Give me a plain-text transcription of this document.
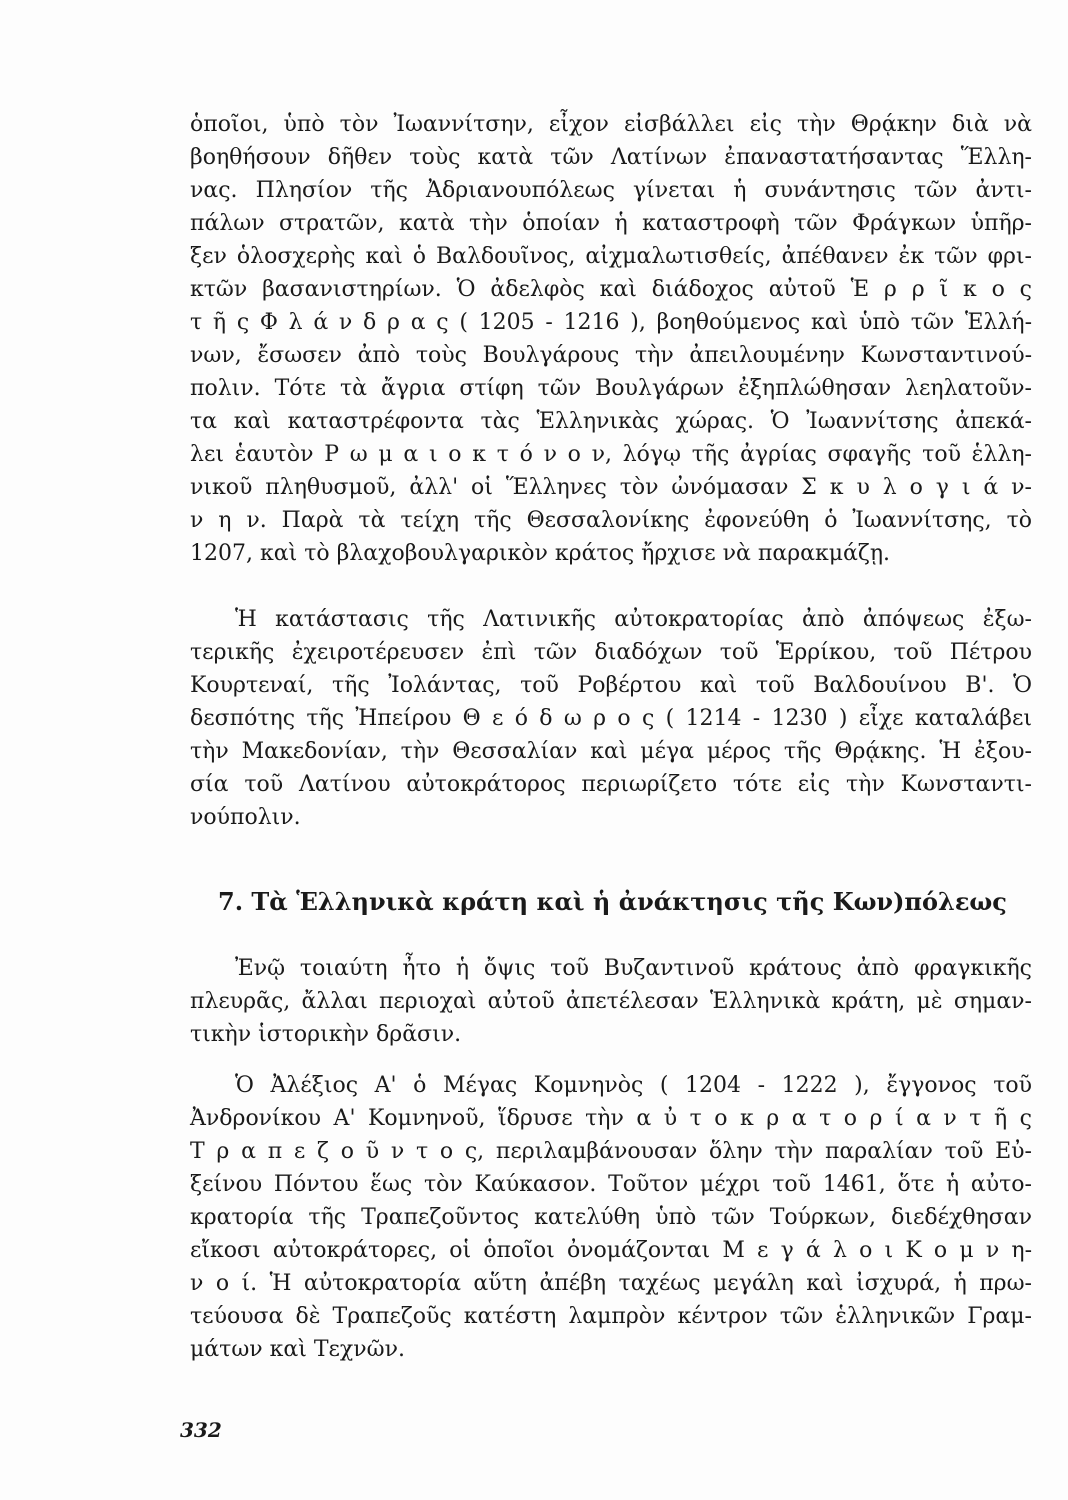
ὁποῖοι, ὑπὸ τὸν Ἰωαννίτσην, εἶχον εἰσβάλλει εἰς τὴν Θρᾴκην διὰ νὰ
βοηθήσουν δῆθεν τοὺς κατὰ τῶν Λατίνων ἐπαναστατήσαντας Ἕλλη-
νας. Πλησίον τῆς Ἀδριανουπόλεως γίνεται ἡ συνάντησις τῶν ἀντι-
πάλων στρατῶν, κατὰ τὴν ὁποίαν ἡ καταστροφὴ τῶν Φράγκων ὑπῆρ-
ξεν ὁλοσχερὴς καὶ ὁ Βαλδουῖνος, αἰχμαλωτισθείς, ἀπέθανεν ἐκ τῶν φρι-
κτῶν βασανιστηρίων. Ὁ ἀδελφὸς καὶ διάδοχος αὐτοῦ Ἑ ρ ρ ῖ κ ο ς
τ ῆ ς Φ λ ά ν δ ρ α ς ( 1205 - 1216 ), βοηθούμενος καὶ ὑπὸ τῶν Ἑλλή-
νων, ἔσωσεν ἀπὸ τοὺς Βουλγάρους τὴν ἀπειλουμένην Κωνσταντινού-
πολιν. Τότε τὰ ἄγρια στίφη τῶν Βουλγάρων ἐξηπλώθησαν λεηλατοῦν-
τα καὶ καταστρέφοντα τὰς Ἑλληνικὰς χώρας. Ὁ Ἰωαννίτσης ἀπεκά-
λει ἑαυτὸν Ρ ω μ α ι ο κ τ ό ν ο ν, λόγῳ τῆς ἀγρίας σφαγῆς τοῦ ἑλλη-
νικοῦ πληθυσμοῦ, ἀλλ' οἱ Ἕλληνες τὸν ὠνόμασαν Σ κ υ λ ο γ ι ά ν-
ν η ν. Παρὰ τὰ τείχη τῆς Θεσσαλονίκης ἐφονεύθη ὁ Ἰωαννίτσης, τὸ
1207, καὶ τὸ βλαχοβουλγαρικὸν κράτος ἤρχισε νὰ παρακμάζῃ.
Ἡ κατάστασις τῆς Λατινικῆς αὐτοκρατορίας ἀπὸ ἀπόψεως ἐξω-
τερικῆς ἐχειροτέρευσεν ἐπὶ τῶν διαδόχων τοῦ Ἑρρίκου, τοῦ Πέτρου
Κουρτεναί, τῆς Ἰολάντας, τοῦ Ροβέρτου καὶ τοῦ Βαλδουίνου Β'. Ὁ
δεσπότης τῆς Ἠπείρου Θ ε ό δ ω ρ ο ς ( 1214 - 1230 ) εἶχε καταλάβει
τὴν Μακεδονίαν, τὴν Θεσσαλίαν καὶ μέγα μέρος τῆς Θρᾴκης. Ἡ ἐξου-
σία τοῦ Λατίνου αὐτοκράτορος περιωρίζετο τότε εἰς τὴν Κωνσταντι-
νούπολιν.
7. Τὰ Ἑλληνικὰ κράτη καὶ ἡ ἀνάκτησις τῆς Κων)πόλεως
Ἐνῷ τοιαύτη ἦτο ἡ ὄψις τοῦ Βυζαντινοῦ κράτους ἀπὸ φραγκικῆς
πλευρᾶς, ἄλλαι περιοχαὶ αὐτοῦ ἀπετέλεσαν Ἑλληνικὰ κράτη, μὲ σημαν-
τικὴν ἱστορικὴν δρᾶσιν.
Ὁ Ἀλέξιος Α' ὁ Μέγας Κομνηνὸς ( 1204 - 1222 ), ἔγγονος τοῦ
Ἀνδρονίκου Α' Κομνηνοῦ, ἵδρυσε τὴν α ὐ τ ο κ ρ α τ ο ρ ί α ν τ ῆ ς
Τ ρ α π ε ζ ο ῦ ν τ ο ς, περιλαμβάνουσαν ὅλην τὴν παραλίαν τοῦ Εὐ-
ξείνου Πόντου ἕως τὸν Καύκασον. Τοῦτον μέχρι τοῦ 1461, ὅτε ἡ αὐτο-
κρατορία τῆς Τραπεζοῦντος κατελύθη ὑπὸ τῶν Τούρκων, διεδέχθησαν
εἴκοσι αὐτοκράτορες, οἱ ὁποῖοι ὀνομάζονται Μ ε γ ά λ ο ι Κ ο μ ν η-
ν ο ί. Ἡ αὐτοκρατορία αὕτη ἀπέβη ταχέως μεγάλη καὶ ἰσχυρά, ἡ πρω-
τεύουσα δὲ Τραπεζοῦς κατέστη λαμπρὸν κέντρον τῶν ἑλληνικῶν Γραμ-
μάτων καὶ Τεχνῶν.
332
